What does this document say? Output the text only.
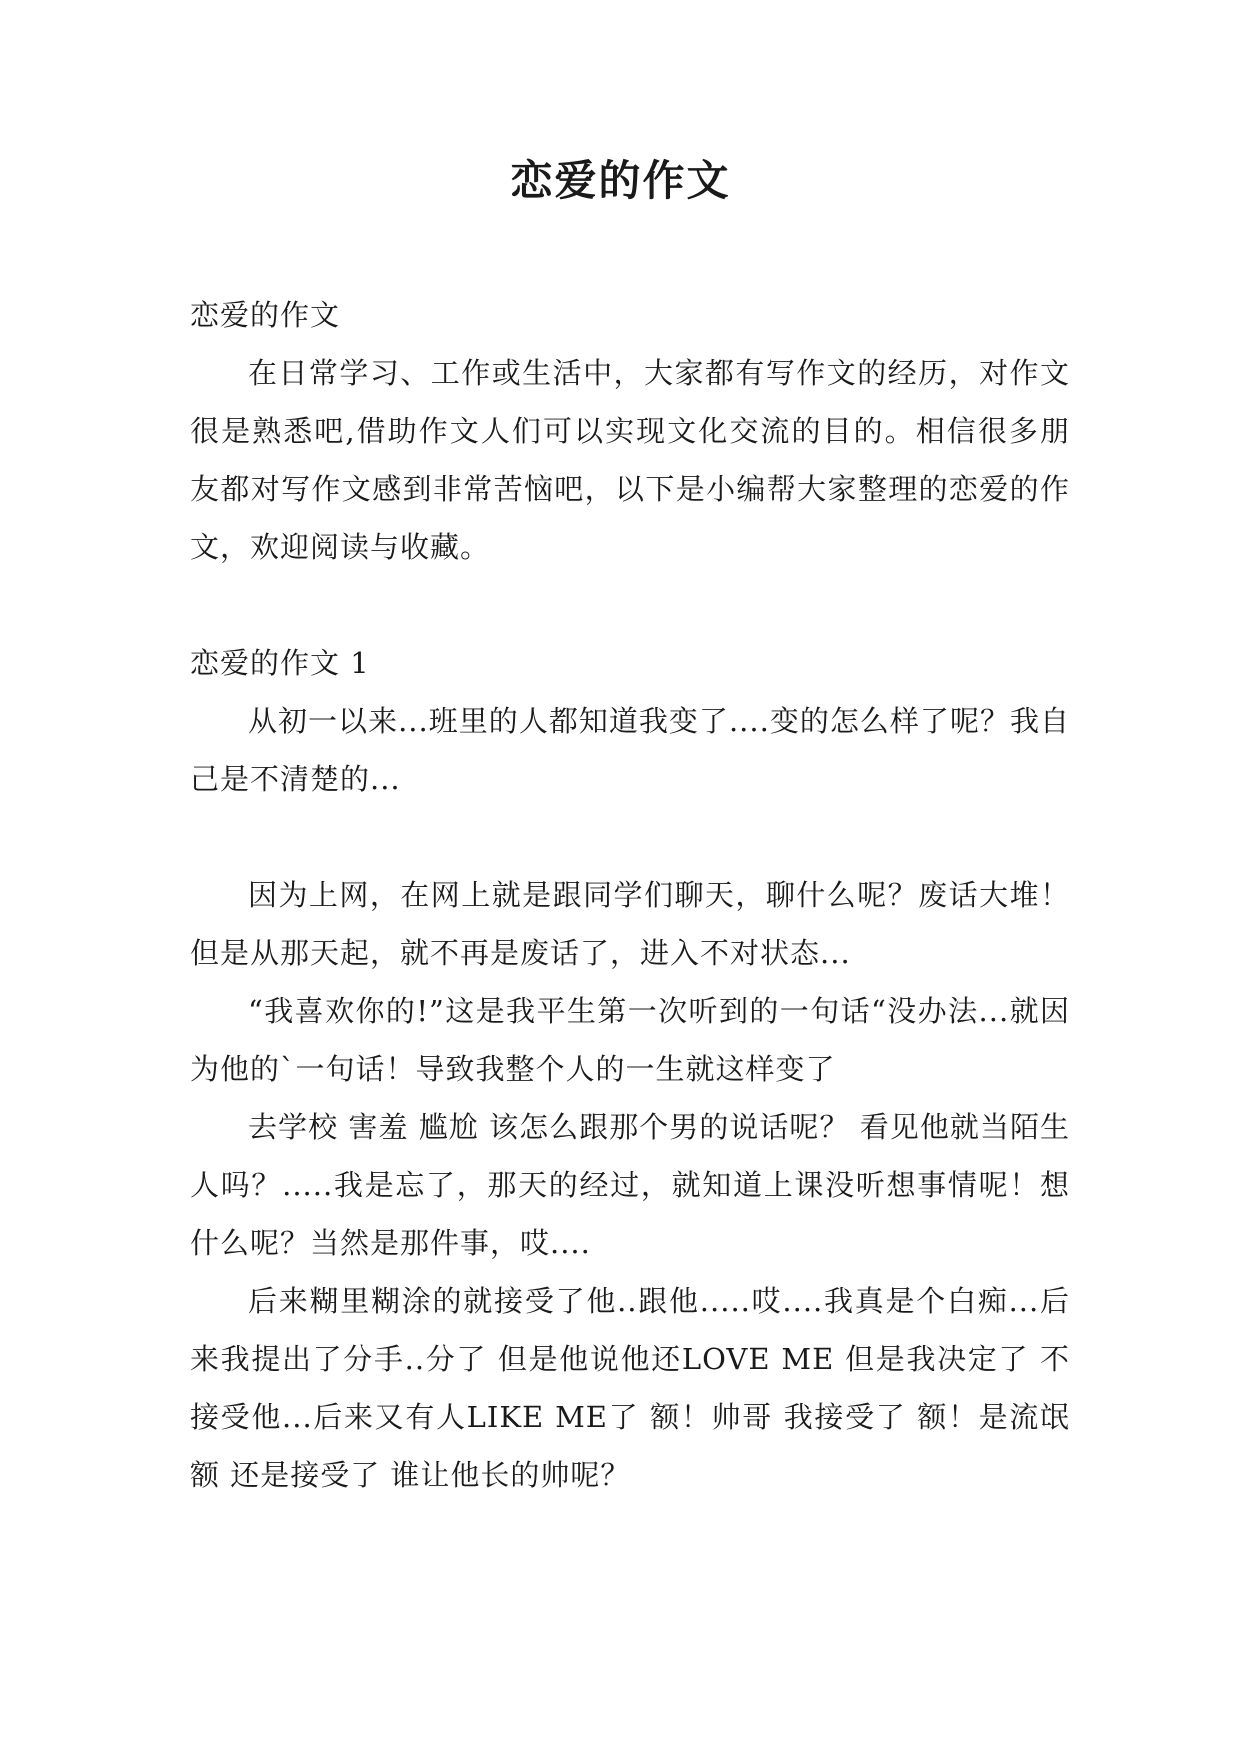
恋爱的作文

恋爱的作文

在日常学习、工作或生活中，大家都有写作文的经历，对作文很是熟悉吧,借助作文人们可以实现文化交流的目的。相信很多朋友都对写作文感到非常苦恼吧，以下是小编帮大家整理的恋爱的作文，欢迎阅读与收藏。

恋爱的作文 1

从初一以来...班里的人都知道我变了....变的怎么样了呢？我自己是不清楚的...

因为上网，在网上就是跟同学们聊天，聊什么呢？废话大堆！但是从那天起，就不再是废话了，进入不对状态...

“我喜欢你的!”这是我平生第一次听到的一句话“没办法...就因为他的`一句话！导致我整个人的一生就这样变了

去学校 害羞 尴尬 该怎么跟那个男的说话呢？ 看见他就当陌生人吗？.....我是忘了，那天的经过，就知道上课没听想事情呢！想什么呢？当然是那件事，哎....

后来糊里糊涂的就接受了他..跟他.....哎....我真是个白痴...后来我提出了分手..分了 但是他说他还LOVE ME 但是我决定了 不接受他...后来又有人LIKE ME了 额！帅哥 我接受了 额！是流氓额 还是接受了 谁让他长的帅呢？
